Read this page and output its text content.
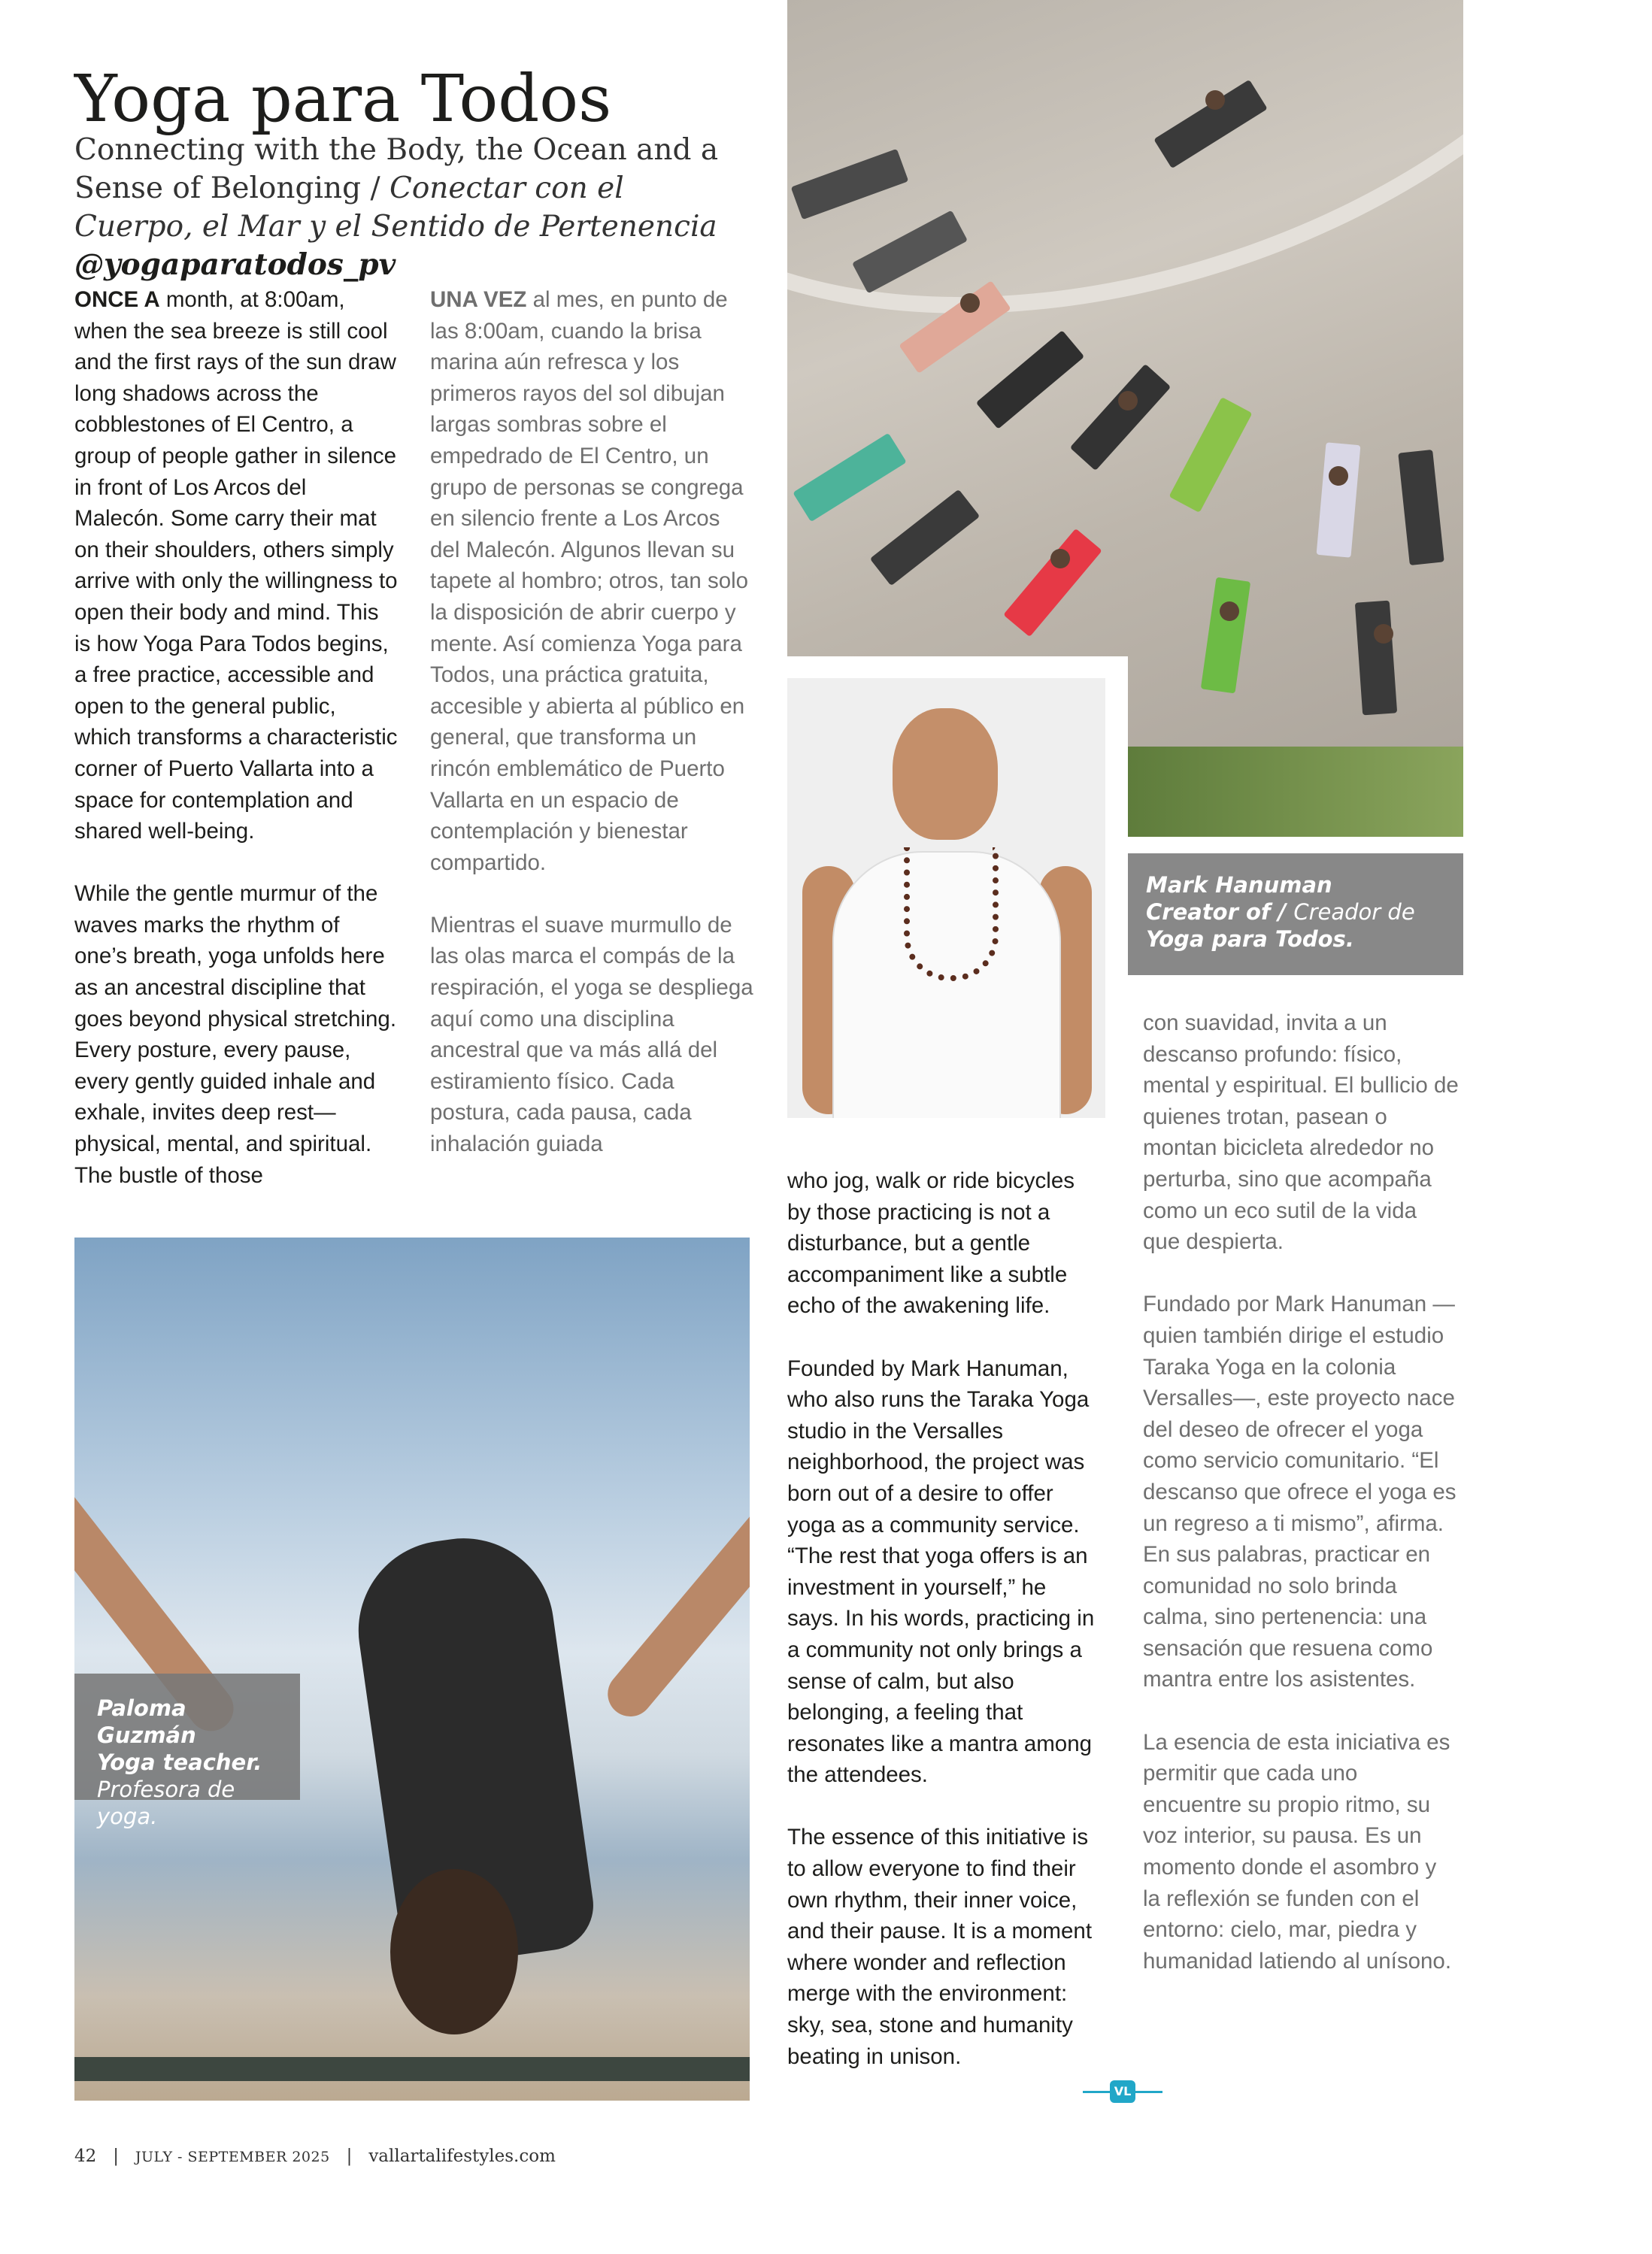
Yoga para Todos
Connecting with the Body, the Ocean and a Sense of Belonging / Conectar con el Cuerpo, el Mar y el Sentido de Pertenencia @yogaparatodos_pv

ONCE A month, at 8:00am, when the sea breeze is still cool and the first rays of the sun draw long shadows across the cobblestones of El Centro, a group of people gather in silence in front of Los Arcos del Malecón. Some carry their mat on their shoulders, others simply arrive with only the willingness to open their body and mind. This is how Yoga Para Todos begins, a free practice, accessible and open to the general public, which transforms a characteristic corner of Puerto Vallarta into a space for contemplation and shared well-being.

While the gentle murmur of the waves marks the rhythm of one’s breath, yoga unfolds here as an ancestral discipline that goes beyond physical stretching. Every posture, every pause, every gently guided inhale and exhale, invites deep rest—physical, mental, and spiritual. The bustle of those

UNA VEZ al mes, en punto de las 8:00am, cuando la brisa marina aún refresca y los primeros rayos del sol dibujan largas sombras sobre el empedrado de El Centro, un grupo de personas se congrega en silencio frente a Los Arcos del Malecón. Algunos llevan su tapete al hombro; otros, tan solo la disposición de abrir cuerpo y mente. Así comienza Yoga para Todos, una práctica gratuita, accesible y abierta al público en general, que transforma un rincón emblemático de Puerto Vallarta en un espacio de contemplación y bienestar compartido.

Mientras el suave murmullo de las olas marca el compás de la respiración, el yoga se despliega aquí como una disciplina ancestral que va más allá del estiramiento físico. Cada postura, cada pausa, cada inhalación guiada

Mark Hanuman
Creator of / Creador de
Yoga para Todos.

who jog, walk or ride bicycles by those practicing is not a disturbance, but a gentle accompaniment like a subtle echo of the awakening life.

Founded by Mark Hanuman, who also runs the Taraka Yoga studio in the Versalles neighborhood, the project was born out of a desire to offer yoga as a community service. “The rest that yoga offers is an investment in yourself,” he says. In his words, practicing in a community not only brings a sense of calm, but also belonging, a feeling that resonates like a mantra among the attendees.

The essence of this initiative is to allow everyone to find their own rhythm, their inner voice, and their pause. It is a moment where wonder and reflection merge with the environment: sky, sea, stone and humanity beating in unison.

con suavidad, invita a un descanso profundo: físico, mental y espiritual. El bullicio de quienes trotan, pasean o montan bicicleta alrededor no perturba, sino que acompaña como un eco sutil de la vida que despierta.

Fundado por Mark Hanuman —quien también dirige el estudio Taraka Yoga en la colonia Versalles—, este proyecto nace del deseo de ofrecer el yoga como servicio comunitario. “El descanso que ofrece el yoga es un regreso a ti mismo”, afirma. En sus palabras, practicar en comunidad no solo brinda calma, sino pertenencia: una sensación que resuena como mantra entre los asistentes.

La esencia de esta iniciativa es permitir que cada uno encuentre su propio ritmo, su voz interior, su pausa. Es un momento donde el asombro y la reflexión se funden con el entorno: cielo, mar, piedra y humanidad latiendo al unísono.

Paloma Guzmán
Yoga teacher.
Profesora de yoga.
VL
42 | JULY - SEPTEMBER 2025 | vallartalifestyles.com
